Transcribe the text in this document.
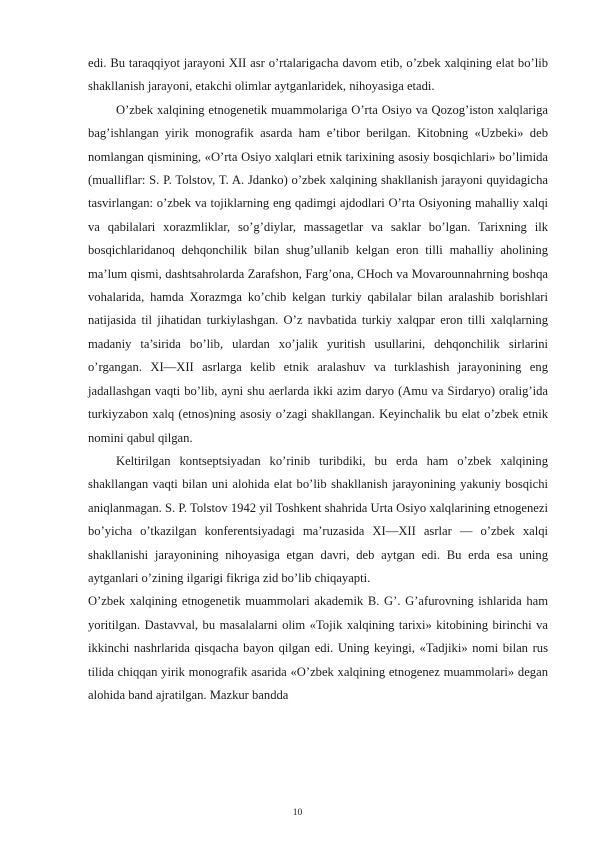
edi. Bu taraqqiyot jarayoni XII asr o’rtalarigacha davom etib, o’zbek xalqining elat bo’lib shakllanish jarayoni, etakchi olimlar aytganlaridek, nihoyasiga etadi.

O’zbek xalqining etnogenetik muammolariga O’rta Osiyo va Qozog’iston xalqlariga bag’ishlangan yirik monografik asarda ham e’tibor berilgan. Kitobning «Uzbeki» deb nomlangan qismining, «O’rta Osiyo xalqlari etnik tarixining asosiy bosqichlari» bo’limida (mualliflar: S. P. Tolstov, T. A. Jdanko) o’zbek xalqining shakllanish jarayoni quyidagicha tasvirlangan: o’zbek va tojiklarning eng qadimgi ajdodlari O’rta Osiyoning mahalliy xalqi va qabilalari xorazmliklar, so’g’diylar, massagetlar va saklar bo’lgan. Tarixning ilk bosqichlaridanoq dehqonchilik bilan shug’ullanib kelgan eron tilli mahalliy aholining ma’lum qismi, dashtsahrolarda Zarafshon, Farg’ona, CHoch va Movarounnahrning boshqa vohalarida, hamda Xorazmga ko’chib kelgan turkiy qabilalar bilan aralashib borishlari natijasida til jihatidan turkiylashgan. O’z navbatida turkiy xalqpar eron tilli xalqlarning madaniy ta’sirida bo’lib, ulardan xo’jalik yuritish usullarini, dehqonchilik sirlarini o’rgangan. XI—XII asrlarga kelib etnik aralashuv va turklashish jarayonining eng jadallashgan vaqti bo’lib, ayni shu aerlarda ikki azim daryo (Amu va Sirdaryo) oralig’ida turkiyzabon xalq (etnos)ning asosiy o’zagi shakllangan. Keyinchalik bu elat o’zbek etnik nomini qabul qilgan.

Keltirilgan kontseptsiyadan ko’rinib turibdiki, bu erda ham o’zbek xalqining shakllangan vaqti bilan uni alohida elat bo’lib shakllanish jarayonining yakuniy bosqichi aniqlanmagan. S. P. Tolstov 1942 yil Toshkent shahrida Urta Osiyo xalqlarining etnogenezi bo’yicha o’tkazilgan konferentsiyadagi ma’ruzasida XI—XII asrlar — o’zbek xalqi shakllanishi jarayonining nihoyasiga etgan davri, deb aytgan edi. Bu erda esa uning aytganlari o’zining ilgarigi fikriga zid bo’lib chiqayapti.

O’zbek xalqining etnogenetik muammolari akademik B. G’. G’afurovning ishlarida ham yoritilgan. Dastavval, bu masalalarni olim «Tojik xalqining tarixi» kitobining birinchi va ikkinchi nashrlarida qisqacha bayon qilgan edi. Uning keyingi, «Tadjiki» nomi bilan rus tilida chiqqan yirik monografik asarida «O’zbek xalqining etnogenez muammolari» degan alohida band ajratilgan. Mazkur bandda

10
